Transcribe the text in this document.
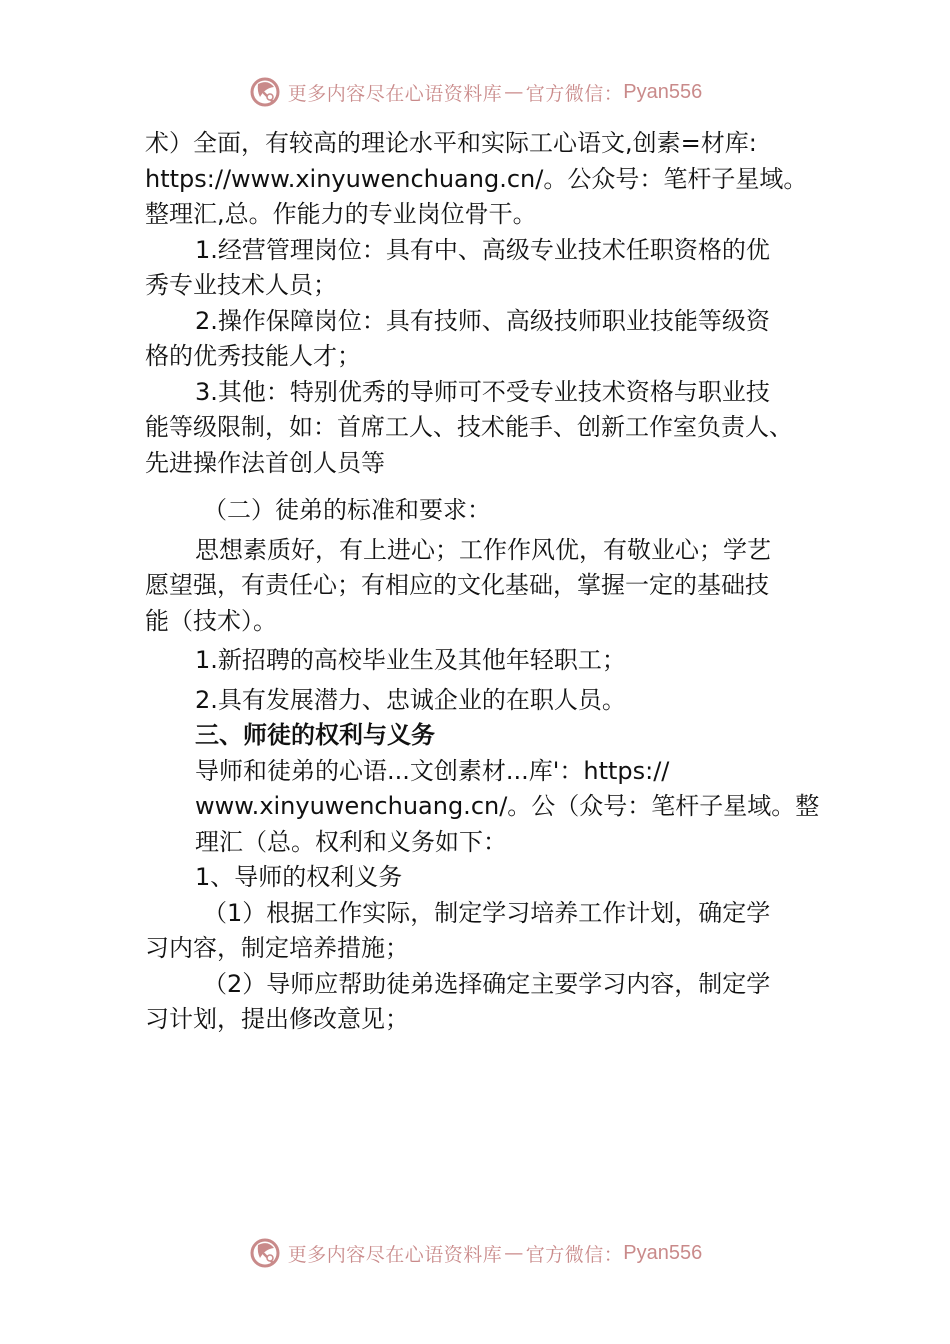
更多内容尽在心语资料库 — 官方微信： Pyan556

术）全面，有较高的理论水平和实际工心语文,创素=材库:

https://www.xinyuwenchuang.cn/。公众号：笔杆子星域。

整理汇,总。作能力的专业岗位骨干。

1.经营管理岗位：具有中、高级专业技术任职资格的优

秀专业技术人员；

2.操作保障岗位：具有技师、高级技师职业技能等级资

格的优秀技能人才；

3.其他：特别优秀的导师可不受专业技术资格与职业技

能等级限制，如：首席工人、技术能手、创新工作室负责人、

先进操作法首创人员等

（二）徒弟的标准和要求：

思想素质好，有上进心；工作作风优，有敬业心；学艺

愿望强，有责任心；有相应的文化基础，掌握一定的基础技

能（技术）。

1.新招聘的高校毕业生及其他年轻职工；

2.具有发展潜力、忠诚企业的在职人员。

三、师徒的权利与义务

导师和徒弟的心语...文创素材...库'：https://

www.xinyuwenchuang.cn/。公（众号：笔杆子星域。整

理汇（总。权利和义务如下：

1、导师的权利义务

（1）根据工作实际，制定学习培养工作计划，确定学

习内容，制定培养措施；

（2）导师应帮助徒弟选择确定主要学习内容，制定学

习计划，提出修改意见；

更多内容尽在心语资料库 — 官方微信： Pyan556
